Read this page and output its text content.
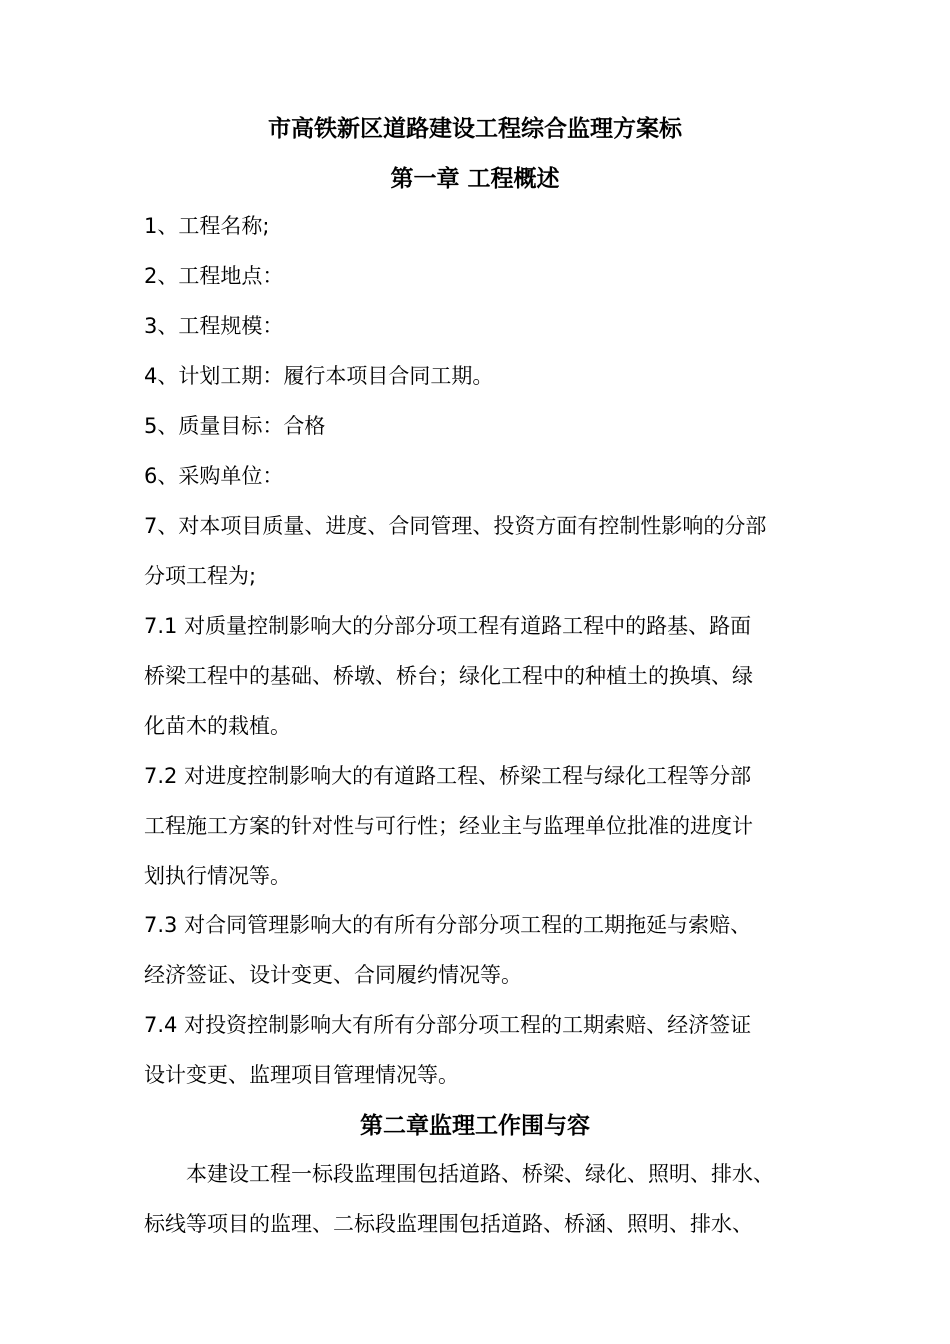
市高铁新区道路建设工程综合监理方案标
第一章 工程概述
1、工程名称;
2、工程地点：
3、工程规模：
4、计划工期：履行本项目合同工期。
5、质量目标：合格
6、采购单位：
7、对本项目质量、进度、合同管理、投资方面有控制性影响的分部
分项工程为;
7.1 对质量控制影响大的分部分项工程有道路工程中的路基、路面
桥梁工程中的基础、桥墩、桥台；绿化工程中的种植土的换填、绿
化苗木的栽植。
7.2 对进度控制影响大的有道路工程、桥梁工程与绿化工程等分部
工程施工方案的针对性与可行性；经业主与监理单位批准的进度计
划执行情况等。
7.3 对合同管理影响大的有所有分部分项工程的工期拖延与索赔、
经济签证、设计变更、合同履约情况等。
7.4 对投资控制影响大有所有分部分项工程的工期索赔、经济签证
设计变更、监理项目管理情况等。
第二章监理工作围与容
本建设工程一标段监理围包括道路、桥梁、绿化、照明、排水、
标线等项目的监理、二标段监理围包括道路、桥涵、照明、排水、
